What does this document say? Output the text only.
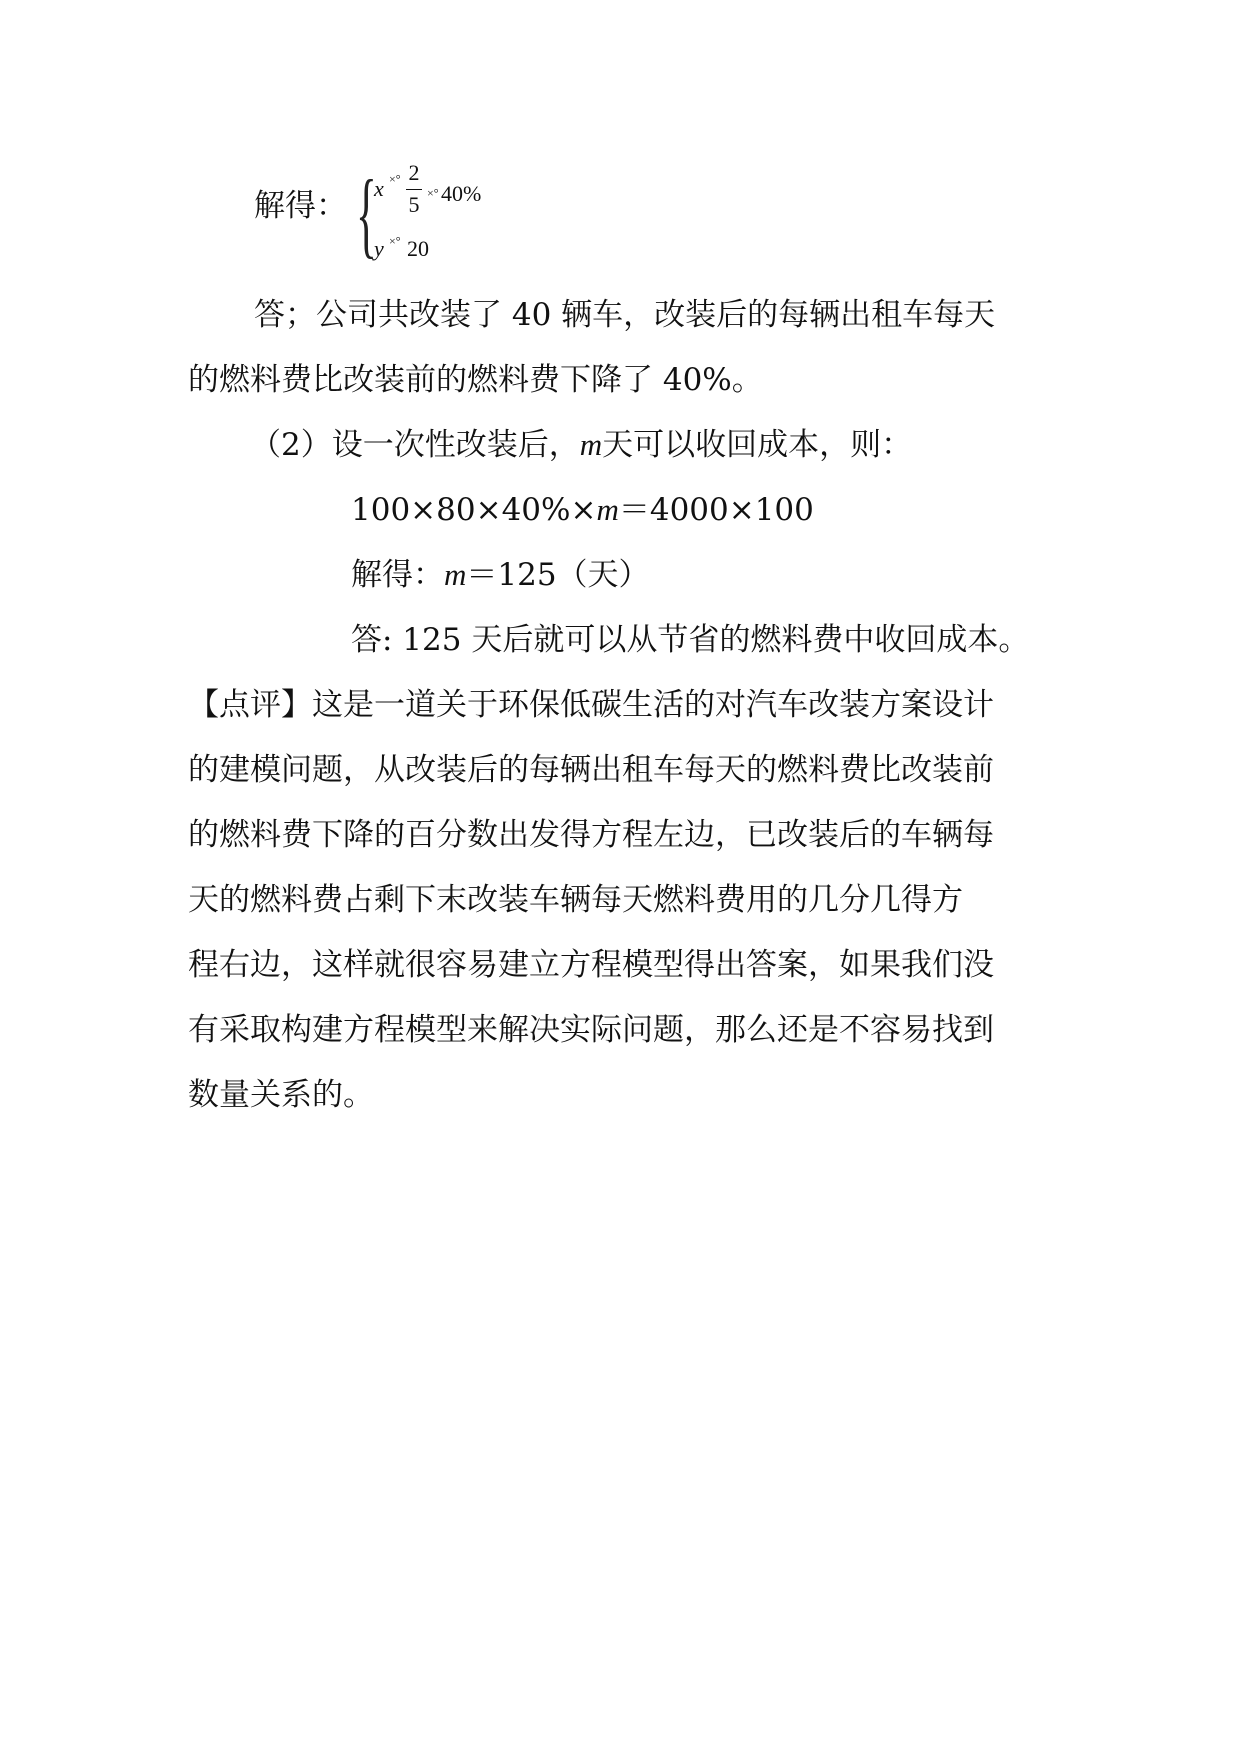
解得： {
x ×° 2
5 ×° 40%
y ×° 20
答；公司共改装了 40 辆车，改装后的每辆出租车每天
的燃料费比改装前的燃料费下降了 40%。
（2）设一次性改装后，m天可以收回成本，则：
100×80×40%×m＝4000×100
解得：m＝125（天）
答: 125 天后就可以从节省的燃料费中收回成本。
【点评】这是一道关于环保低碳生活的对汽车改装方案设计
的建模问题，从改装后的每辆出租车每天的燃料费比改装前
的燃料费下降的百分数出发得方程左边，已改装后的车辆每
天的燃料费占剩下末改装车辆每天燃料费用的几分几得方
程右边，这样就很容易建立方程模型得出答案，如果我们没
有采取构建方程模型来解决实际问题，那么还是不容易找到
数量关系的。
